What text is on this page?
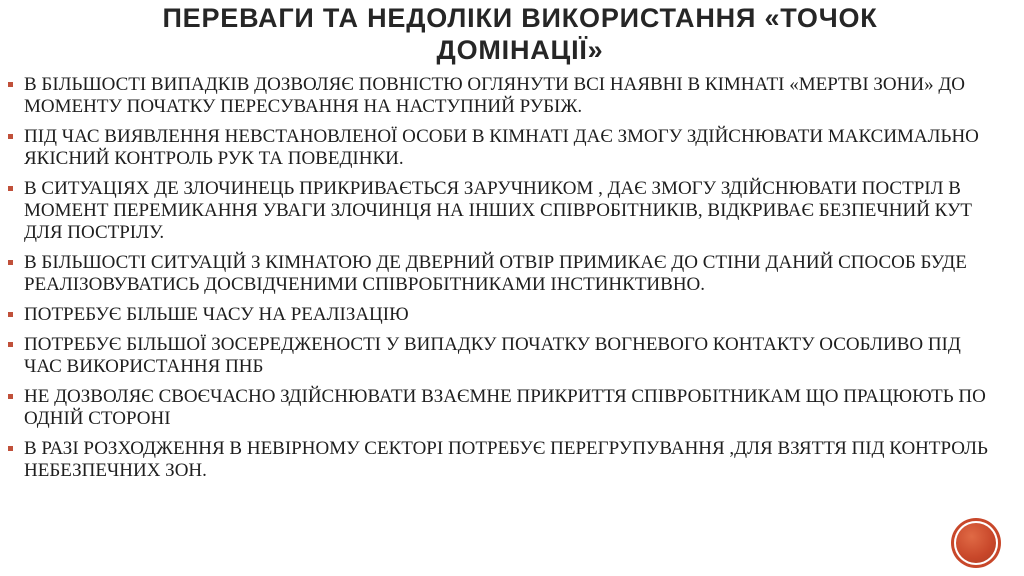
ПЕРЕВАГИ ТА НЕДОЛІКИ ВИКОРИСТАННЯ «ТОЧОК ДОМІНАЦІЇ»
В БІЛЬШОСТІ ВИПАДКІВ ДОЗВОЛЯЄ ПОВНІСТЮ ОГЛЯНУТИ ВСІ НАЯВНІ В КІМНАТІ «МЕРТВІ ЗОНИ» ДО МОМЕНТУ ПОЧАТКУ ПЕРЕСУВАННЯ НА НАСТУПНИЙ РУБІЖ.
ПІД ЧАС ВИЯВЛЕННЯ НЕВСТАНОВЛЕНОЇ ОСОБИ В КІМНАТІ ДАЄ ЗМОГУ ЗДІЙСНЮВАТИ МАКСИМАЛЬНО ЯКІСНИЙ КОНТРОЛЬ РУК ТА ПОВЕДІНКИ.
В СИТУАЦІЯХ ДЕ ЗЛОЧИНЕЦЬ ПРИКРИВАЄТЬСЯ ЗАРУЧНИКОМ , ДАЄ ЗМОГУ ЗДІЙСНЮВАТИ ПОСТРІЛ В МОМЕНТ ПЕРЕМИКАННЯ УВАГИ ЗЛОЧИНЦЯ НА ІНШИХ СПІВРОБІТНИКІВ, ВІДКРИВАЄ БЕЗПЕЧНИЙ КУТ ДЛЯ ПОСТРІЛУ.
В БІЛЬШОСТІ СИТУАЦІЙ З КІМНАТОЮ ДЕ ДВЕРНИЙ ОТВІР ПРИМИКАЄ ДО СТІНИ ДАНИЙ СПОСОБ БУДЕ РЕАЛІЗОВУВАТИСЬ ДОСВІДЧЕНИМИ СПІВРОБІТНИКАМИ ІНСТИНКТИВНО.
ПОТРЕБУЄ БІЛЬШЕ ЧАСУ НА РЕАЛІЗАЦІЮ
ПОТРЕБУЄ БІЛЬШОЇ ЗОСЕРЕДЖЕНОСТІ У ВИПАДКУ ПОЧАТКУ ВОГНЕВОГО КОНТАКТУ ОСОБЛИВО ПІД ЧАС ВИКОРИСТАННЯ ПНБ
НЕ ДОЗВОЛЯЄ СВОЄЧАСНО ЗДІЙСНЮВАТИ ВЗАЄМНЕ ПРИКРИТТЯ СПІВРОБІТНИКАМ ЩО ПРАЦЮЮТЬ ПО ОДНІЙ СТОРОНІ
В РАЗІ РОЗХОДЖЕННЯ В НЕВІРНОМУ СЕКТОРІ ПОТРЕБУЄ ПЕРЕГРУПУВАННЯ ,ДЛЯ ВЗЯТТЯ ПІД КОНТРОЛЬ НЕБЕЗПЕЧНИХ ЗОН.
